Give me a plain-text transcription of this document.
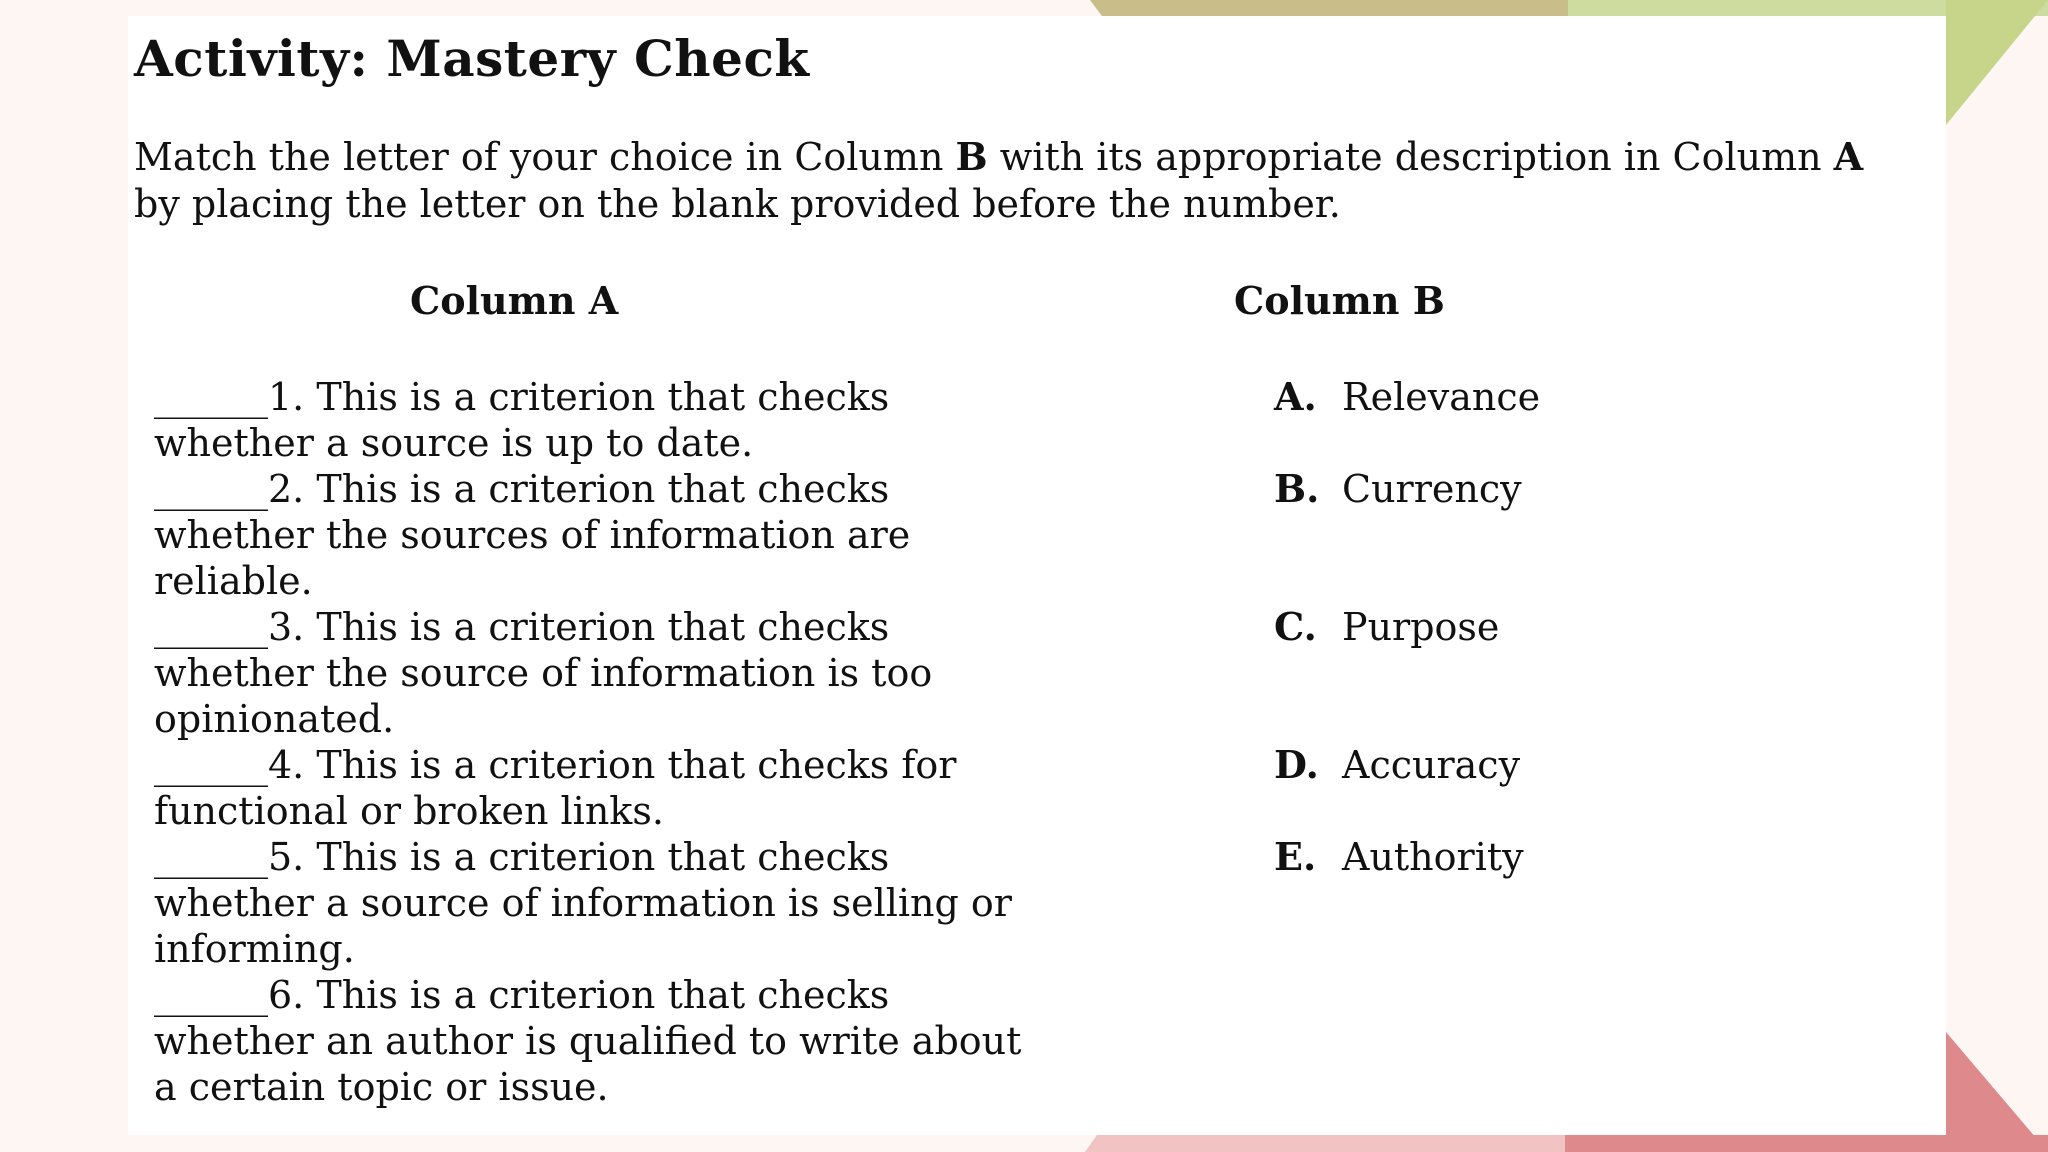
Activity: Mastery Check

Match the letter of your choice in Column B with its appropriate description in Column A by placing the letter on the blank provided before the number.

Column A	Column B

______1. This is a criterion that checks whether a source is up to date.

______2. This is a criterion that checks whether the sources of information are reliable.

______3. This is a criterion that checks whether the source of information is too opinionated.

______4. This is a criterion that checks for functional or broken links.

______5. This is a criterion that checks whether a source of information is selling or informing.

______6. This is a criterion that checks whether an author is qualified to write about a certain topic or issue.

A. Relevance
B. Currency
C. Purpose
D. Accuracy
E. Authority
